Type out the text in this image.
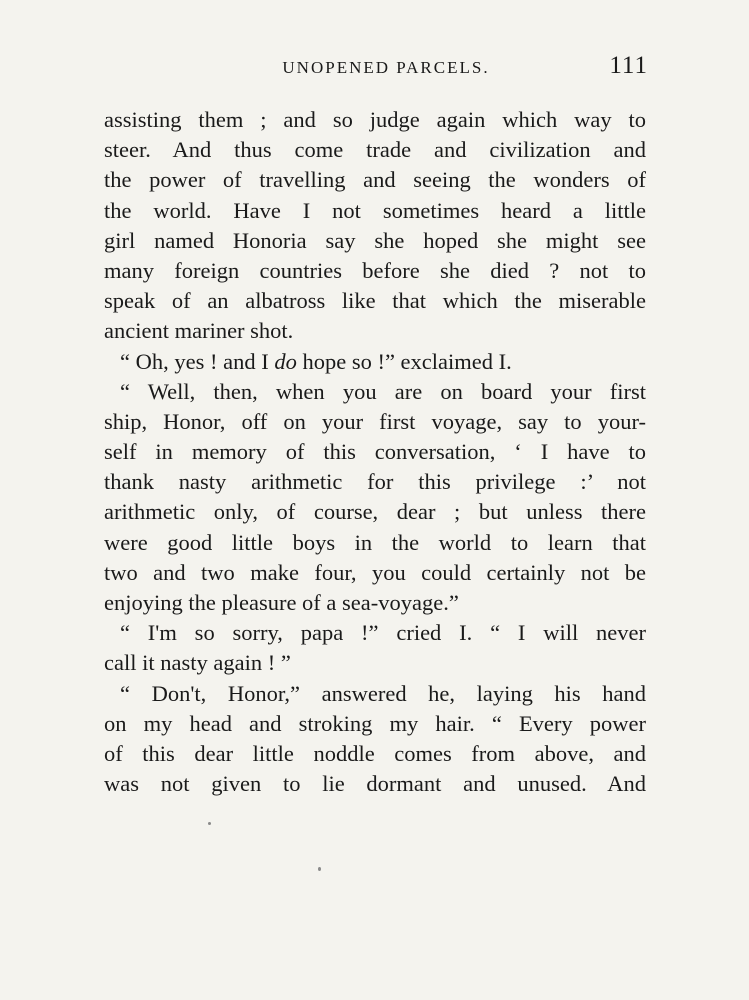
UNOPENED PARCELS.	111
assisting them ; and so judge again which way to
steer. And thus come trade and civilization and
the power of travelling and seeing the wonders of
the world. Have I not sometimes heard a little
girl named Honoria say she hoped she might see
many foreign countries before she died ? not to
speak of an albatross like that which the miserable
ancient mariner shot.
“ Oh, yes ! and I do hope so !” exclaimed I.
“ Well, then, when you are on board your first
ship, Honor, off on your first voyage, say to your-
self in memory of this conversation, ‘ I have to
thank nasty arithmetic for this privilege :’ not
arithmetic only, of course, dear ; but unless there
were good little boys in the world to learn that
two and two make four, you could certainly not be
enjoying the pleasure of a sea-voyage.”
“ I'm so sorry, papa !” cried I. “ I will never
call it nasty again ! ”
“ Don't, Honor,” answered he, laying his hand
on my head and stroking my hair. “ Every power
of this dear little noddle comes from above, and
was not given to lie dormant and unused. And
